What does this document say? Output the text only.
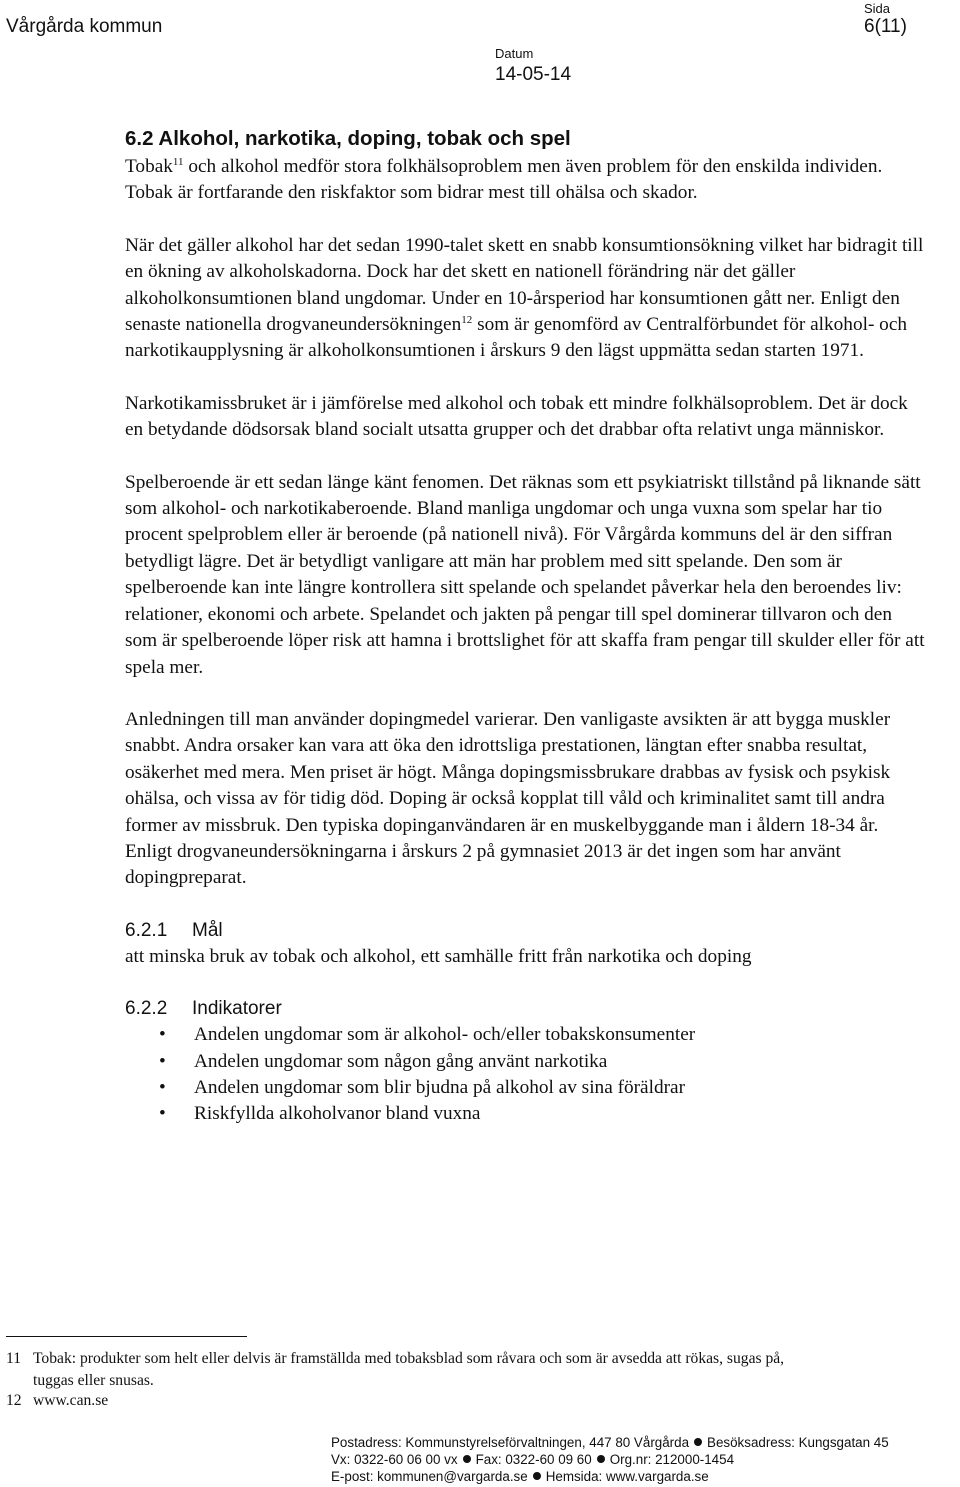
Vårgårda kommun
Sida
6(11)
Datum
14-05-14
6.2 Alkohol, narkotika, doping, tobak och spel

Tobak$^{11}$ och alkohol medför stora folkhälsoproblem men även problem för den enskilda individen. Tobak är fortfarande den riskfaktor som bidrar mest till ohälsa och skador.

När det gäller alkohol har det sedan 1990-talet skett en snabb konsumtionsökning vilket har bidragit till en ökning av alkoholskadorna. Dock har det skett en nationell förändring när det gäller alkoholkonsumtionen bland ungdomar. Under en 10-årsperiod har konsumtionen gått ner. Enligt den senaste nationella drogvaneundersökningen$^{12}$ som är genomförd av Centralförbundet för alkohol- och narkotikaupplysning är alkoholkonsumtionen i årskurs 9 den lägst uppmätta sedan starten 1971.

Narkotikamissbruket är i jämförelse med alkohol och tobak ett mindre folkhälsoproblem. Det är dock en betydande dödsorsak bland socialt utsatta grupper och det drabbar ofta relativt unga människor.

Spelberoende är ett sedan länge känt fenomen. Det räknas som ett psykiatriskt tillstånd på liknande sätt som alkohol- och narkotikaberoende. Bland manliga ungdomar och unga vuxna som spelar har tio procent spelproblem eller är beroende (på nationell nivå). För Vårgårda kommuns del är den siffran betydligt lägre. Det är betydligt vanligare att män har problem med sitt spelande. Den som är spelberoende kan inte längre kontrollera sitt spelande och spelandet påverkar hela den beroendes liv: relationer, ekonomi och arbete. Spelandet och jakten på pengar till spel dominerar tillvaron och den som är spelberoende löper risk att hamna i brottslighet för att skaffa fram pengar till skulder eller för att spela mer.

Anledningen till man använder dopingmedel varierar. Den vanligaste avsikten är att bygga muskler snabbt. Andra orsaker kan vara att öka den idrottsliga prestationen, längtan efter snabba resultat, osäkerhet med mera. Men priset är högt. Många dopingsmissbrukare drabbas av fysisk och psykisk ohälsa, och vissa av för tidig död. Doping är också kopplat till våld och kriminalitet samt till andra former av missbruk. Den typiska dopinganvändaren är en muskelbyggande man i åldern 18-34 år. Enligt drogvaneundersökningarna i årskurs 2 på gymnasiet 2013 är det ingen som har använt dopingpreparat.

6.2.1 Mål

att minska bruk av tobak och alkohol, ett samhälle fritt från narkotika och doping

6.2.2 Indikatorer
• Andelen ungdomar som är alkohol- och/eller tobakskonsumenter
• Andelen ungdomar som någon gång använt narkotika
• Andelen ungdomar som blir bjudna på alkohol av sina föräldrar
• Riskfyllda alkoholvanor bland vuxna
11 Tobak: produkter som helt eller delvis är framställda med tobaksblad som råvara och som är avsedda att rökas, sugas på,
tuggas eller snusas.
12 www.can.se
Postadress: Kommunstyrelseförvaltningen, 447 80 Vårgårda Besöksadress: Kungsgatan 45
Vx: 0322-60 06 00 vx Fax: 0322-60 09 60 Org.nr: 212000-1454
E-post: kommunen@vargarda.se Hemsida: www.vargarda.se
